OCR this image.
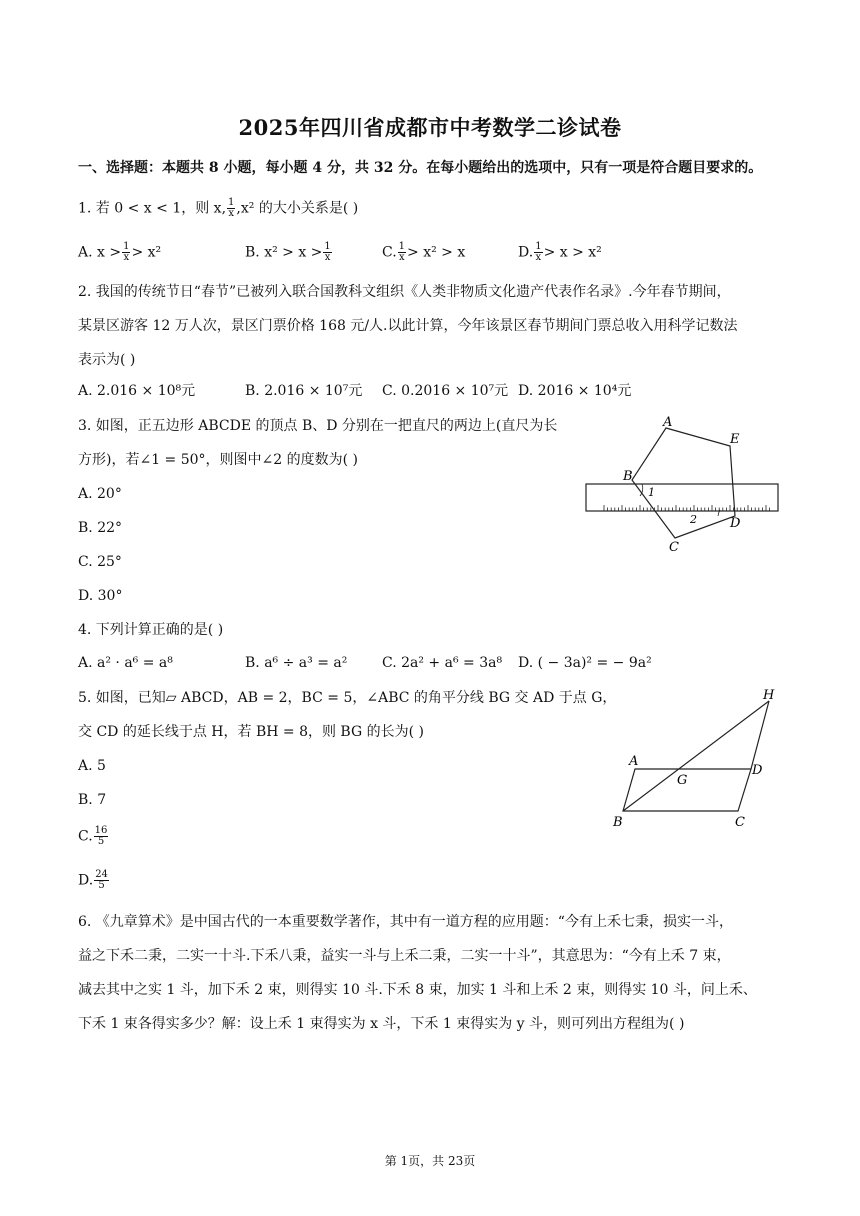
2025年四川省成都市中考数学二诊试卷
一、选择题：本题共 8 小题，每小题 4 分，共 32 分。在每小题给出的选项中，只有一项是符合题目要求的。
1. 若 0 < x < 1，则 x, $\frac{1}{x} ,x^2$ 的大小关系是( )
A. $x > \frac{1}{x} > x^2$	B. $x^2 > x > \frac{1}{x}$	C. $\frac{1}{x} > x^2 > x$	D. $\frac{1}{x} > x > x^2$
2. 我国的传统节日“春节”已被列入联合国教科文组织《人类非物质文化遗产代表作名录》.今年春节期间，
某景区游客 12 万人次，景区门票价格 168 元/人.以此计算，今年该景区春节期间门票总收入用科学记数法
表示为( )
A. 2.016 × 10⁸元	B. 2.016 × 10⁷元 C. 0.2016 × 10⁷元 D. 2016 × 10⁴元
3. 如图，正五边形 ABCDE 的顶点 B、D 分别在一把直尺的两边上(直尺为长
方形)，若∠1 = 50°，则图中∠2 的度数为( )
A. 20°
B. 22°
C. 25°
D. 30°
A
E
B
1
2	D
C
4. 下列计算正确的是( )
A. a² · a⁶ = a⁸	B. a⁶ ÷ a³ = a² C. 2a² + a⁶ = 3a⁸ D. ( − 3a)² = − 9a²
5. 如图，已知▱ ABCD，AB = 2，BC = 5，∠ABC 的角平分线 BG 交 AD 于点 G，
交 CD 的延长线于点 H，若 BH = 8，则 BG 的长为( )
A. 5
B. 7
C. $\frac{16}{5}$
D. $\frac{24}{5}$
H
A
G
D
B	C
6. 《九章算术》是中国古代的一本重要数学著作，其中有一道方程的应用题：“今有上禾七秉，损实一斗，
益之下禾二秉，二实一十斗.下禾八秉，益实一斗与上禾二秉，二实一十斗”，其意思为：“今有上禾 7 束，
减去其中之实 1 斗，加下禾 2 束，则得实 10 斗.下禾 8 束，加实 1 斗和上禾 2 束，则得实 10 斗，问上禾、
下禾 1 束各得实多少？解：设上禾 1 束得实为 x 斗，下禾 1 束得实为 y 斗，则可列出方程组为( )
第 1页，共 23页
